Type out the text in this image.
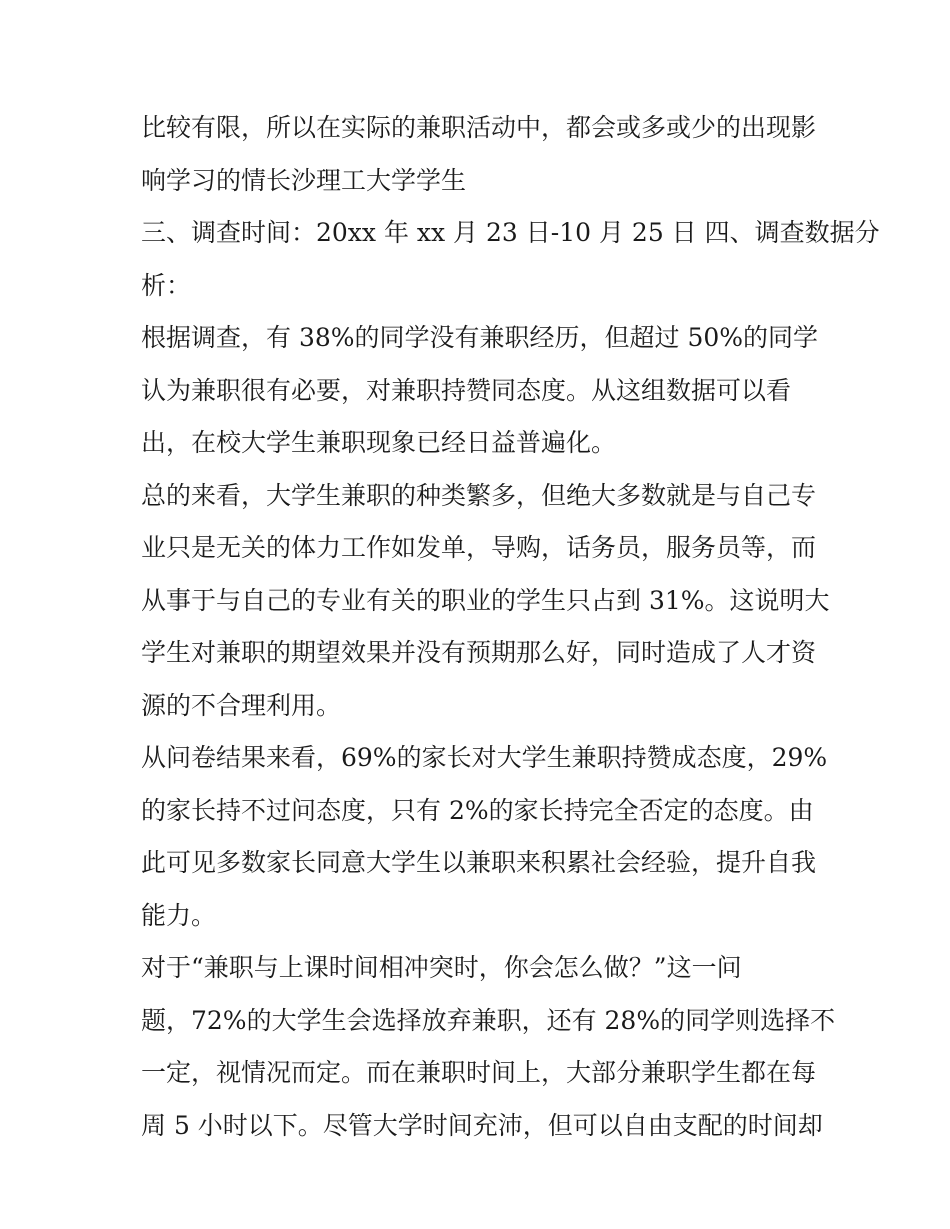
比较有限，所以在实际的兼职活动中，都会或多或少的出现影
响学习的情长沙理工大学学生
三、调查时间：20xx 年 xx 月 23 日-10 月 25 日 四、调查数据分
析：
根据调查，有 38%的同学没有兼职经历，但超过 50%的同学
认为兼职很有必要，对兼职持赞同态度。从这组数据可以看
出，在校大学生兼职现象已经日益普遍化。
总的来看，大学生兼职的种类繁多，但绝大多数就是与自己专
业只是无关的体力工作如发单，导购，话务员，服务员等，而
从事于与自己的专业有关的职业的学生只占到 31%。这说明大
学生对兼职的期望效果并没有预期那么好，同时造成了人才资
源的不合理利用。
从问卷结果来看，69%的家长对大学生兼职持赞成态度，29%
的家长持不过问态度，只有 2%的家长持完全否定的态度。由
此可见多数家长同意大学生以兼职来积累社会经验，提升自我
能力。
对于“兼职与上课时间相冲突时，你会怎么做？”这一问
题，72%的大学生会选择放弃兼职，还有 28%的同学则选择不
一定，视情况而定。而在兼职时间上，大部分兼职学生都在每
周 5 小时以下。尽管大学时间充沛，但可以自由支配的时间却
